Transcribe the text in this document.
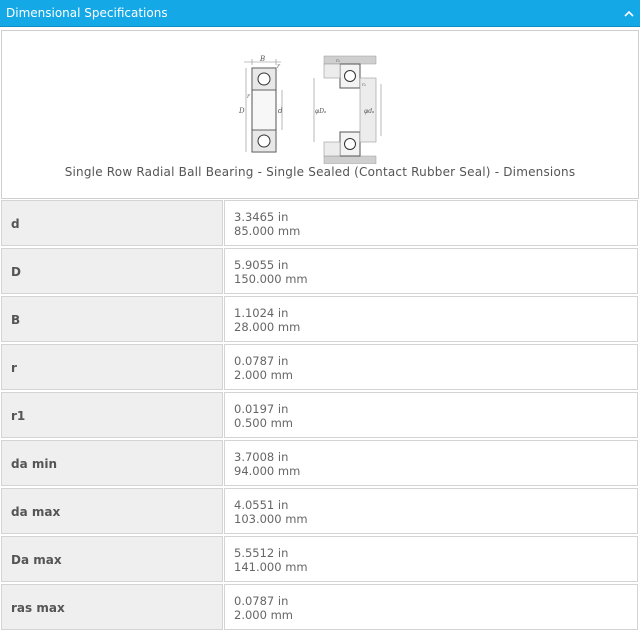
Dimensional Specifications
B
r
r
D	d
rₐ
rₐ
φDₐ	φdₐ
Single Row Radial Ball Bearing - Single Sealed (Contact Rubber Seal) - Dimensions
d	3.3465 in
85.000 mm
D	5.9055 in
150.000 mm
B	1.1024 in
28.000 mm
r	0.0787 in
2.000 mm
r1	0.0197 in
0.500 mm
da min	3.7008 in
94.000 mm
da max	4.0551 in
103.000 mm
Da max	5.5512 in
141.000 mm
ras max	0.0787 in
2.000 mm
